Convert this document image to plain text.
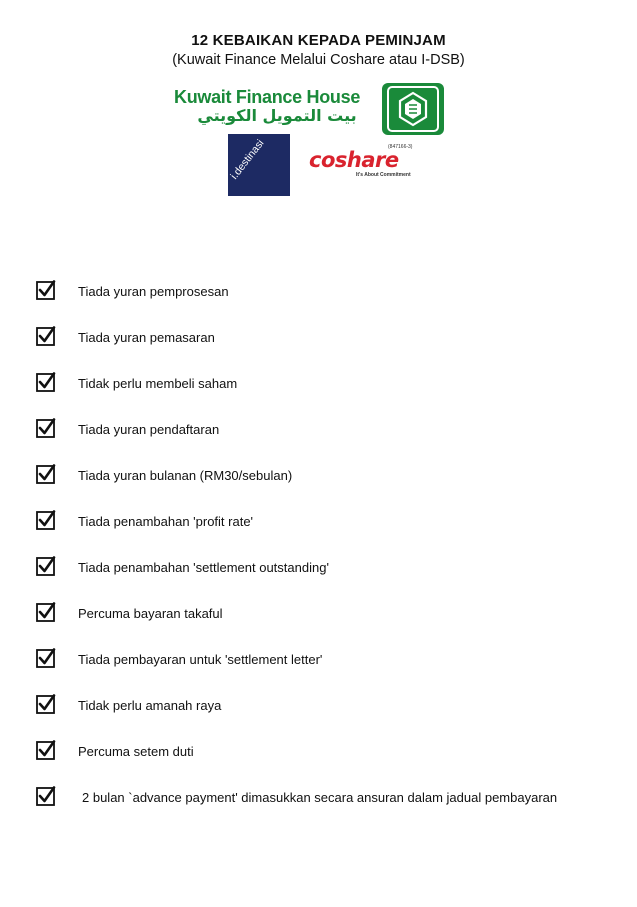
12 KEBAIKAN KEPADA PEMINJAM
(Kuwait Finance Melalui Coshare atau I-DSB)
Kuwait Finance House
بيت التمويل الكويتي
i.destinasi	(847166-3)
coshare
It's About Commitment
Tiada yuran pemprosesan
Tiada yuran pemasaran
Tidak perlu membeli saham
Tiada yuran pendaftaran
Tiada yuran bulanan (RM30/sebulan)
Tiada penambahan 'profit rate'
Tiada penambahan 'settlement outstanding'
Percuma bayaran takaful
Tiada pembayaran untuk 'settlement letter'
Tidak perlu amanah raya
Percuma setem duti
2 bulan `advance payment' dimasukkan secara ansuran dalam jadual pembayaran
